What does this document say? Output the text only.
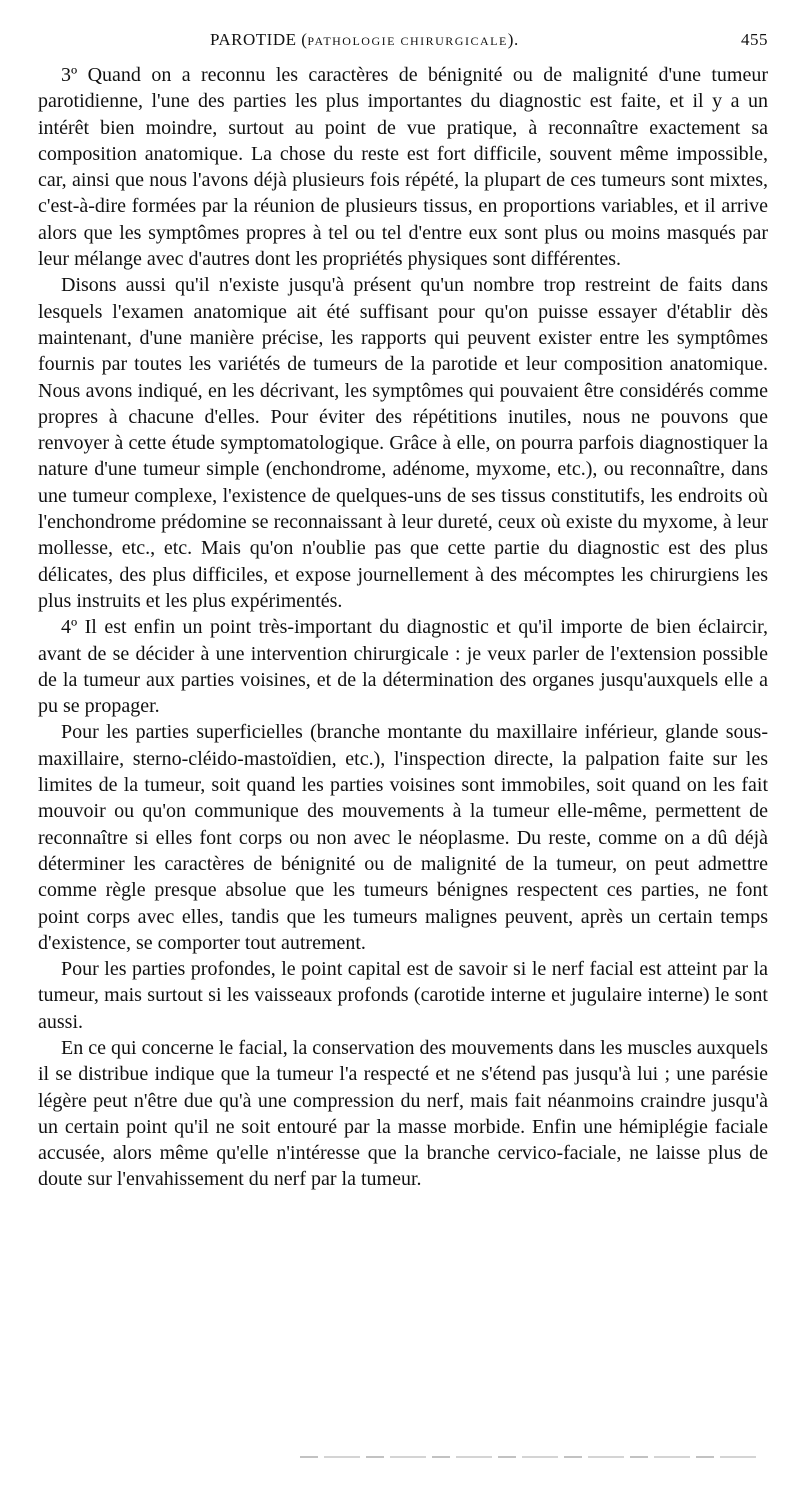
PAROTIDE (PATHOLOGIE CHIRURGICALE).	455

3º Quand on a reconnu les caractères de bénignité ou de malignité d'une tumeur parotidienne, l'une des parties les plus importantes du diagnostic est faite, et il y a un intérêt bien moindre, surtout au point de vue pratique, à reconnaître exactement sa composition anatomique. La chose du reste est fort difficile, souvent même impossible, car, ainsi que nous l'avons déjà plusieurs fois répété, la plupart de ces tumeurs sont mixtes, c'est-à-dire formées par la réunion de plusieurs tissus, en proportions variables, et il arrive alors que les symptômes propres à tel ou tel d'entre eux sont plus ou moins masqués par leur mélange avec d'autres dont les propriétés physiques sont différentes.

Disons aussi qu'il n'existe jusqu'à présent qu'un nombre trop restreint de faits dans lesquels l'examen anatomique ait été suffisant pour qu'on puisse essayer d'établir dès maintenant, d'une manière précise, les rapports qui peuvent exister entre les symptômes fournis par toutes les variétés de tumeurs de la parotide et leur composition anatomique. Nous avons indiqué, en les décrivant, les symptômes qui pouvaient être considérés comme propres à chacune d'elles. Pour éviter des répétitions inutiles, nous ne pouvons que renvoyer à cette étude symptomatologique. Grâce à elle, on pourra parfois diagnostiquer la nature d'une tumeur simple (enchondrome, adénome, myxome, etc.), ou reconnaître, dans une tumeur complexe, l'existence de quelques-uns de ses tissus constitutifs, les endroits où l'enchondrome prédomine se reconnaissant à leur dureté, ceux où existe du myxome, à leur mollesse, etc., etc. Mais qu'on n'oublie pas que cette partie du diagnostic est des plus délicates, des plus difficiles, et expose journellement à des mécomptes les chirurgiens les plus instruits et les plus expérimentés.

4º Il est enfin un point très-important du diagnostic et qu'il importe de bien éclaircir, avant de se décider à une intervention chirurgicale : je veux parler de l'extension possible de la tumeur aux parties voisines, et de la détermination des organes jusqu'auxquels elle a pu se propager.

Pour les parties superficielles (branche montante du maxillaire inférieur, glande sous-maxillaire, sterno-cléido-mastoïdien, etc.), l'inspection directe, la palpation faite sur les limites de la tumeur, soit quand les parties voisines sont immobiles, soit quand on les fait mouvoir ou qu'on communique des mouvements à la tumeur elle-même, permettent de reconnaître si elles font corps ou non avec le néoplasme. Du reste, comme on a dû déjà déterminer les caractères de bénignité ou de malignité de la tumeur, on peut admettre comme règle presque absolue que les tumeurs bénignes respectent ces parties, ne font point corps avec elles, tandis que les tumeurs malignes peuvent, après un certain temps d'existence, se comporter tout autrement.

Pour les parties profondes, le point capital est de savoir si le nerf facial est atteint par la tumeur, mais surtout si les vaisseaux profonds (carotide interne et jugulaire interne) le sont aussi.

En ce qui concerne le facial, la conservation des mouvements dans les muscles auxquels il se distribue indique que la tumeur l'a respecté et ne s'étend pas jusqu'à lui ; une parésie légère peut n'être due qu'à une compression du nerf, mais fait néanmoins craindre jusqu'à un certain point qu'il ne soit entouré par la masse morbide. Enfin une hémiplégie faciale accusée, alors même qu'elle n'intéresse que la branche cervico-faciale, ne laisse plus de doute sur l'envahissement du nerf par la tumeur.
